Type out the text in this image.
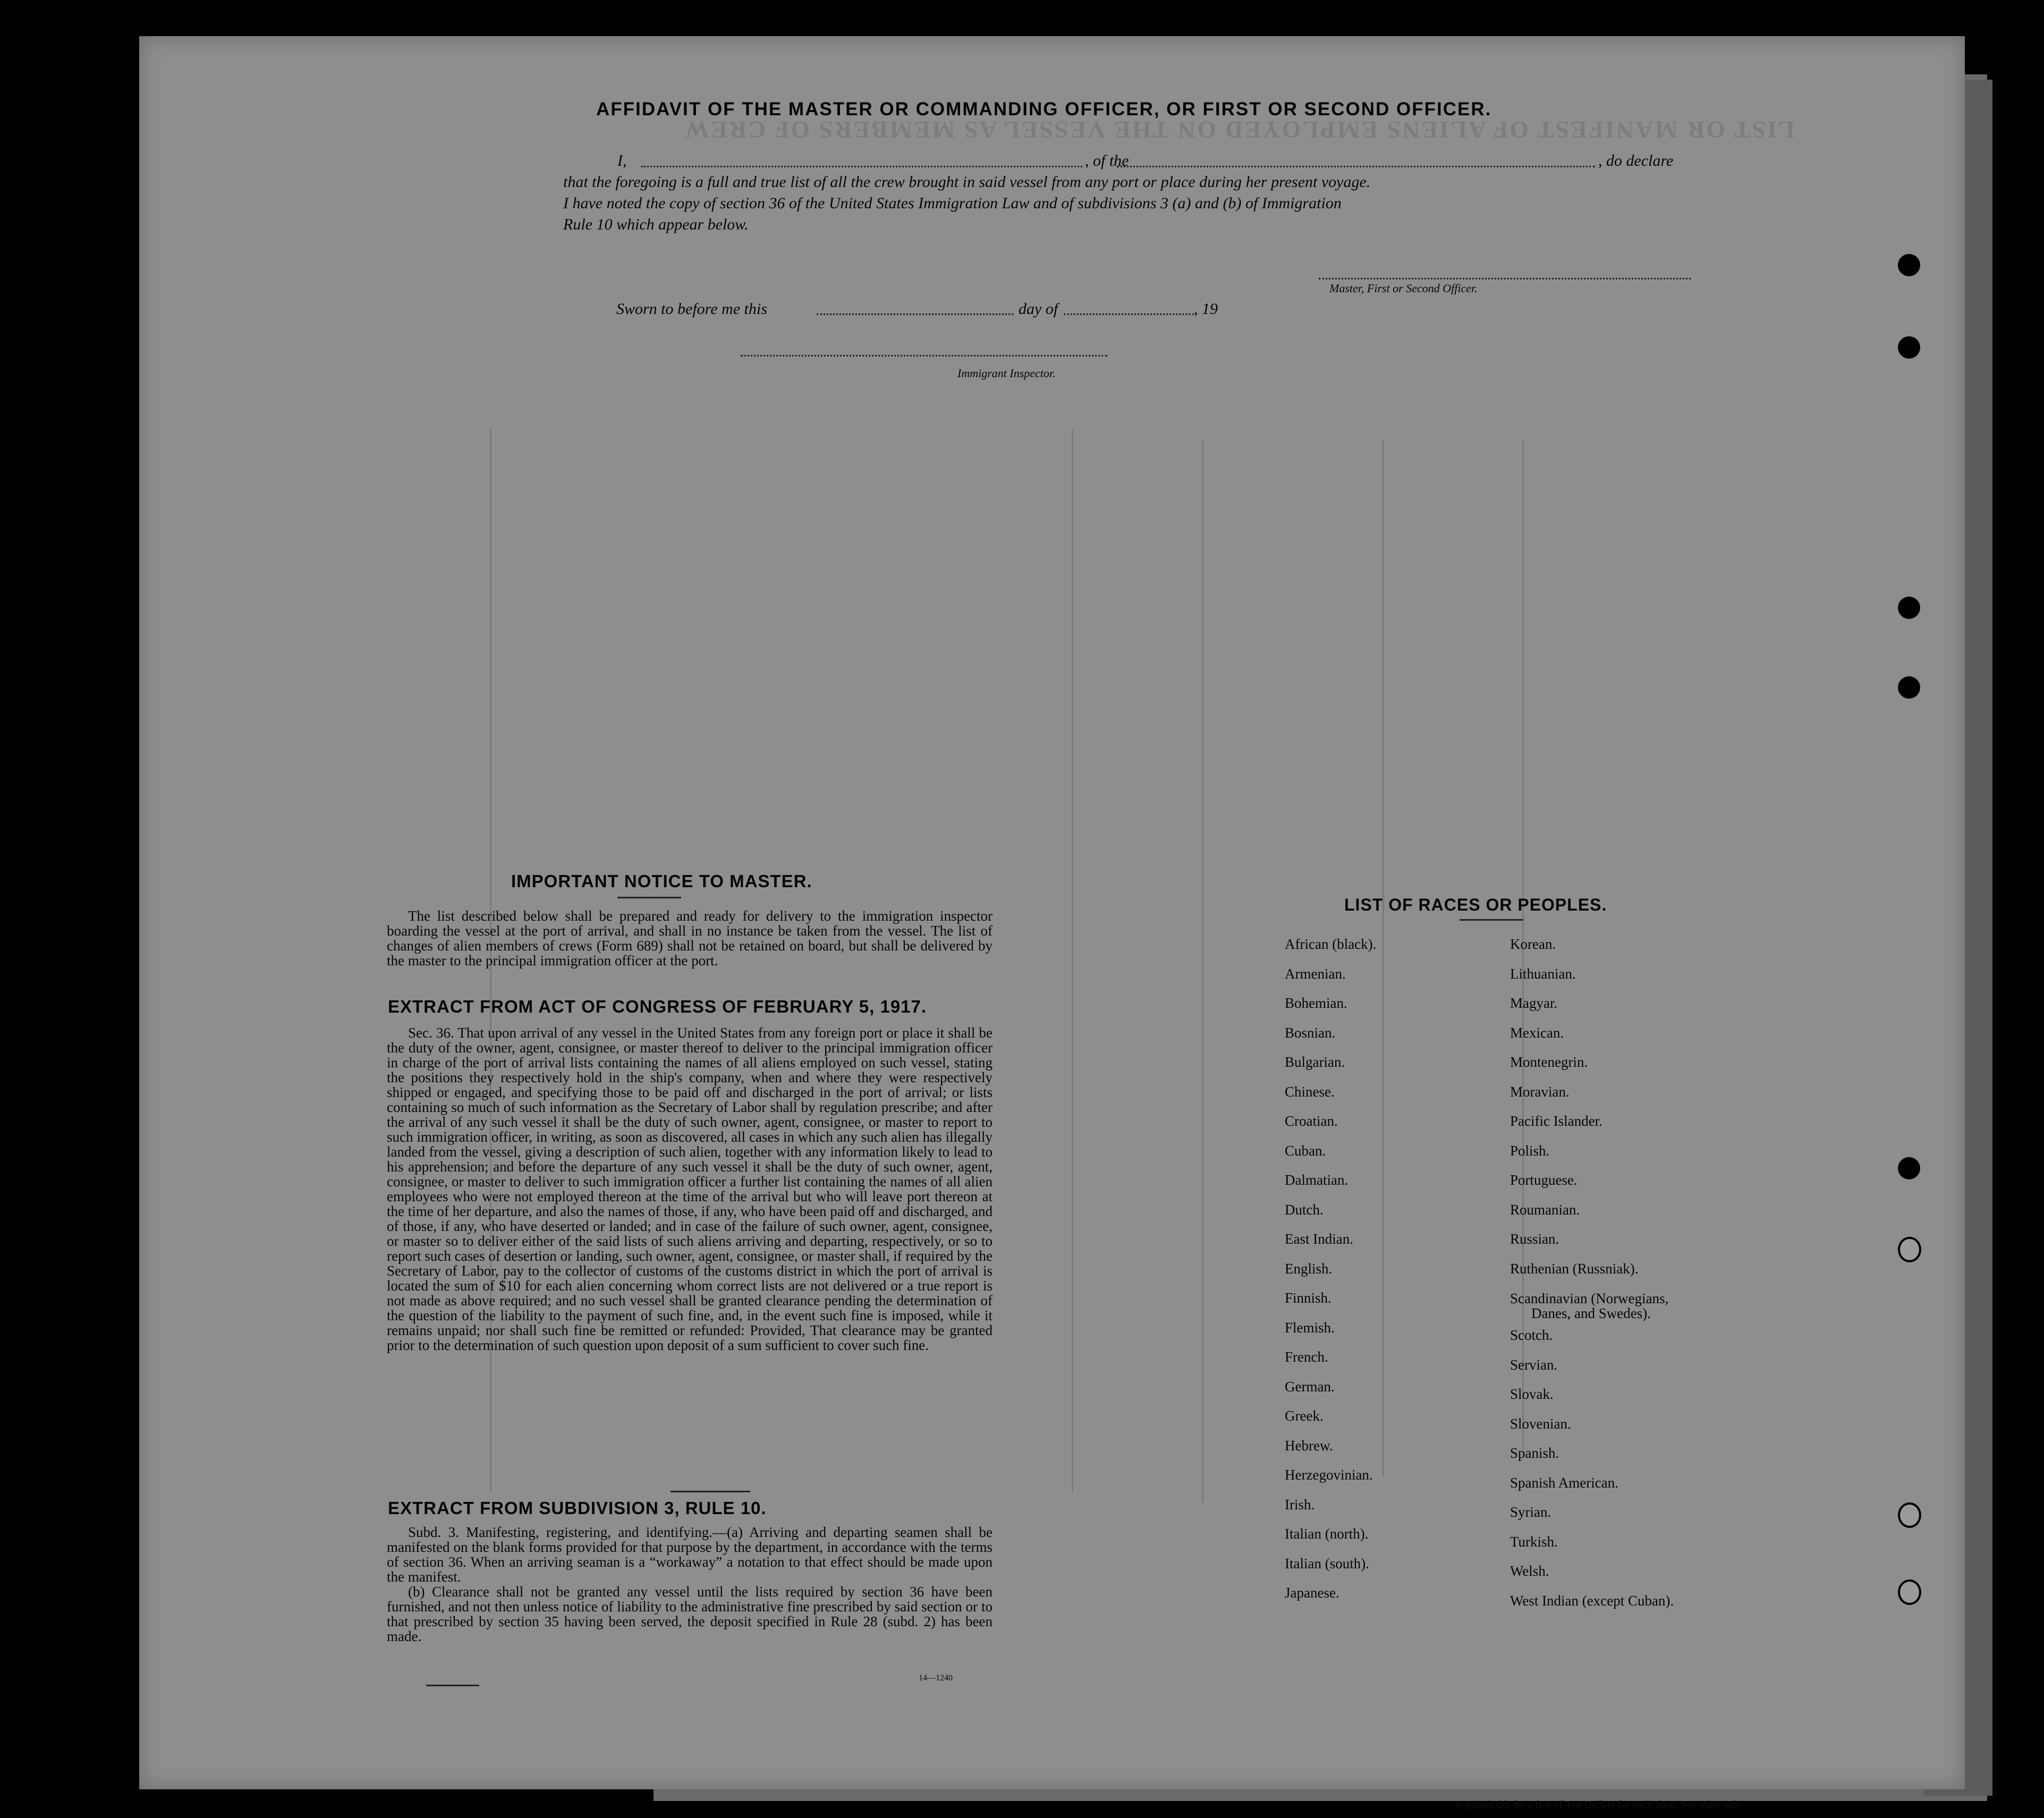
LIST OR MANIFEST OF ALIENS EMPLOYED ON THE VESSEL AS MEMBERS OF CREW
AFFIDAVIT OF THE MASTER OR COMMANDING OFFICER, OR FIRST OR SECOND OFFICER.
I,	, of the	, do declare
that the foregoing is a full and true list of all the crew brought in said vessel from any port or place during her present voyage.
I have noted the copy of section 36 of the United States Immigration Law and of subdivisions 3 (a) and (b) of Immigration
Rule 10 which appear below.
Master, First or Second Officer.
Sworn to before me this	day of	, 19
Immigrant Inspector.
IMPORTANT NOTICE TO MASTER.

The list described below shall be prepared and ready for delivery to the immigration inspector boarding the vessel at the port of arrival, and shall in no instance be taken from the vessel. The list of changes of alien members of crews (Form 689) shall not be retained on board, but shall be delivered by the master to the principal immigration officer at the port.

EXTRACT FROM ACT OF CONGRESS OF FEBRUARY 5, 1917.

Sec. 36. That upon arrival of any vessel in the United States from any foreign port or place it shall be the duty of the owner, agent, consignee, or master thereof to deliver to the principal immigration officer in charge of the port of arrival lists containing the names of all aliens employed on such vessel, stating the positions they respectively hold in the ship's company, when and where they were respectively shipped or engaged, and specifying those to be paid off and discharged in the port of arrival; or lists containing so much of such information as the Secretary of Labor shall by regulation prescribe; and after the arrival of any such vessel it shall be the duty of such owner, agent, consignee, or master to report to such immigration officer, in writing, as soon as discovered, all cases in which any such alien has illegally landed from the vessel, giving a description of such alien, together with any information likely to lead to his apprehension; and before the departure of any such vessel it shall be the duty of such owner, agent, consignee, or master to deliver to such immigration officer a further list containing the names of all alien employees who were not employed thereon at the time of the arrival but who will leave port thereon at the time of her departure, and also the names of those, if any, who have been paid off and discharged, and of those, if any, who have deserted or landed; and in case of the failure of such owner, agent, consignee, or master so to deliver either of the said lists of such aliens arriving and departing, respectively, or so to report such cases of desertion or landing, such owner, agent, consignee, or master shall, if required by the Secretary of Labor, pay to the collector of customs of the customs district in which the port of arrival is located the sum of $10 for each alien concerning whom correct lists are not delivered or a true report is not made as above required; and no such vessel shall be granted clearance pending the determination of the question of the liability to the payment of such fine, and, in the event such fine is imposed, while it remains unpaid; nor shall such fine be remitted or refunded: Provided, That clearance may be granted prior to the determination of such question upon deposit of a sum sufficient to cover such fine.

EXTRACT FROM SUBDIVISION 3, RULE 10.

Subd. 3. Manifesting, registering, and identifying.—(a) Arriving and departing seamen shall be manifested on the blank forms provided for that purpose by the department, in accordance with the terms of section 36. When an arriving seaman is a “workaway” a notation to that effect should be made upon the manifest.

(b) Clearance shall not be granted any vessel until the lists required by section 36 have been furnished, and not then unless notice of liability to the administrative fine prescribed by said section or to that prescribed by section 35 having been served, the deposit specified in Rule 28 (subd. 2) has been made.

14—1240
LIST OF RACES OR PEOPLES.
African (black).
Armenian.
Bohemian.
Bosnian.
Bulgarian.
Chinese.
Croatian.
Cuban.
Dalmatian.
Dutch.
East Indian.
English.
Finnish.
Flemish.
French.
German.
Greek.
Hebrew.
Herzegovinian.
Irish.
Italian (north).
Italian (south).
Japanese.
Korean.
Lithuanian.
Magyar.
Mexican.
Montenegrin.
Moravian.
Pacific Islander.
Polish.
Portuguese.
Roumanian.
Russian.
Ruthenian (Russniak).
Scandinavian (Norwegians,
Danes, and Swedes).
Scotch.
Servian.
Slovak.
Slovenian.
Spanish.
Spanish American.
Syrian.
Turkish.
Welsh.
West Indian (except Cuban).
is punishable by a fine of Ten Dollars for each alien. See other side.
